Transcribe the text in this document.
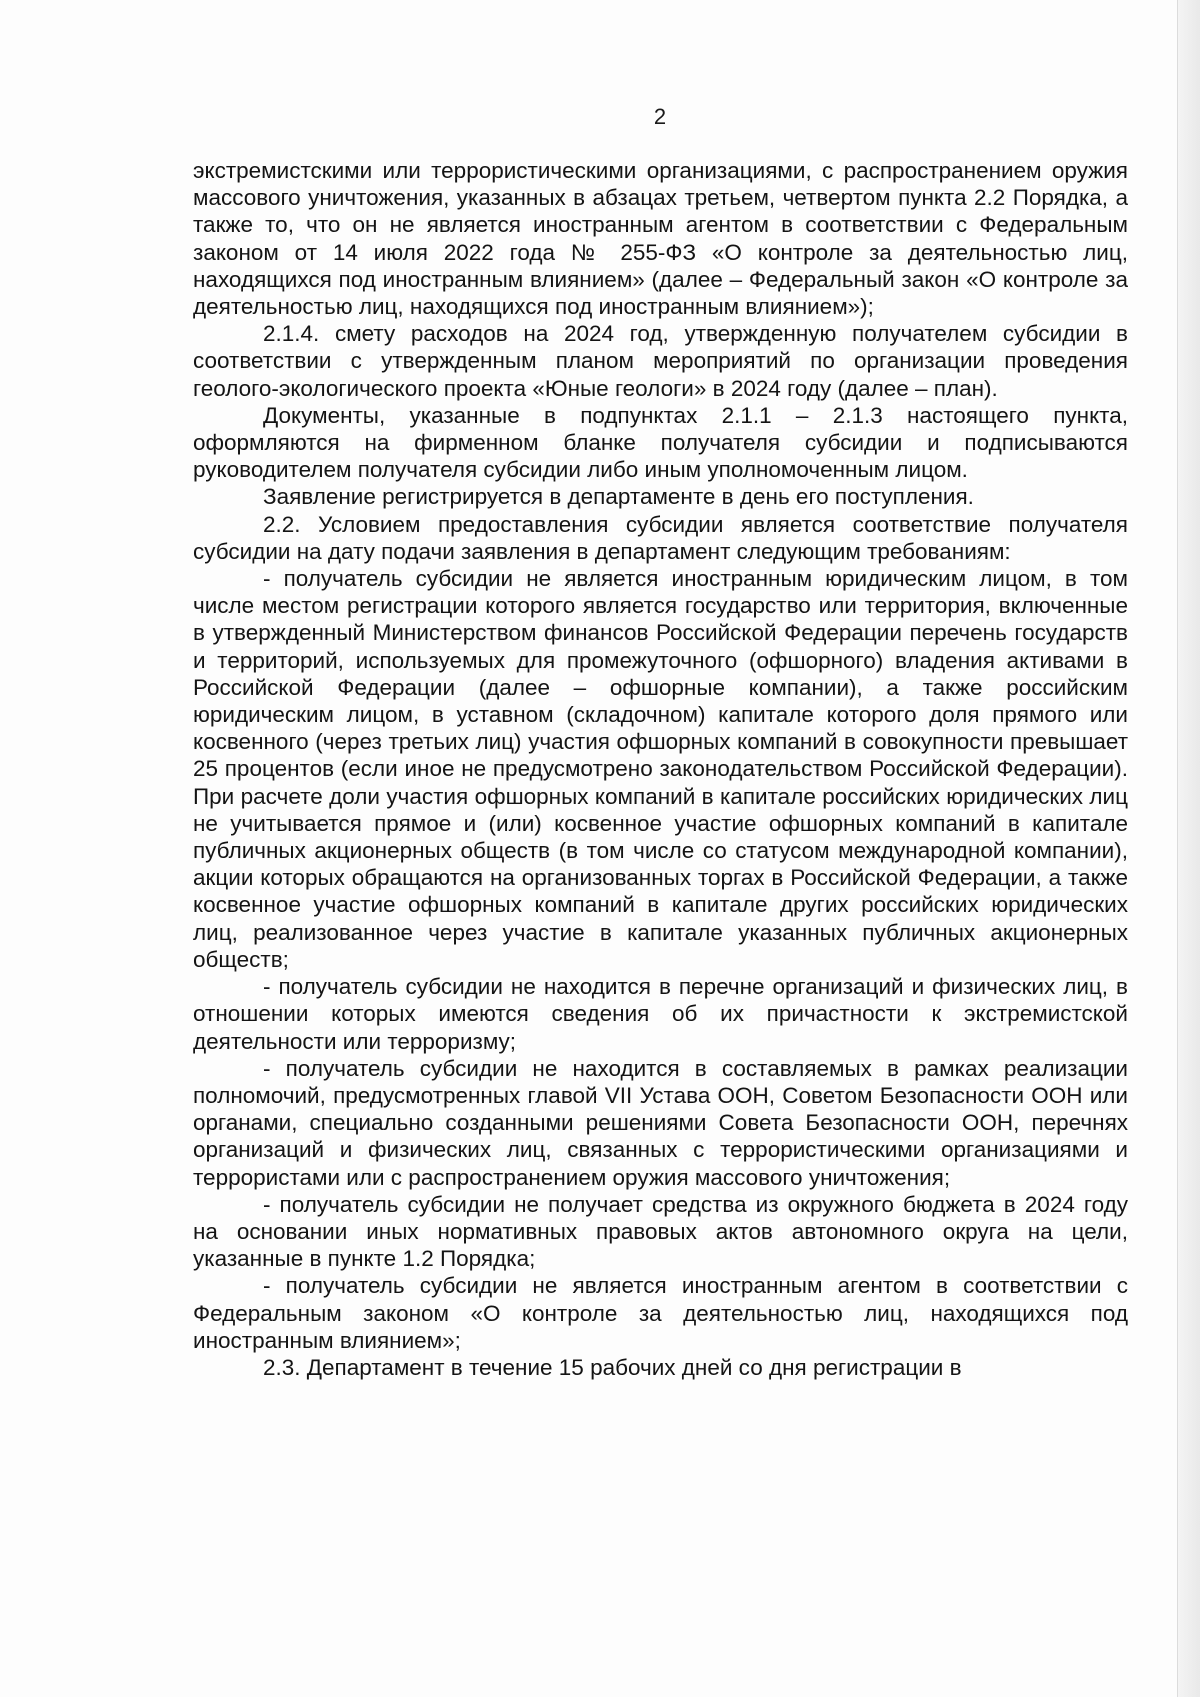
2

экстремистскими или террористическими организациями, с распространением оружия массового уничтожения, указанных в абзацах третьем, четвертом пункта 2.2 Порядка, а также то, что он не является иностранным агентом в соответствии с Федеральным законом от 14 июля 2022 года № 255-ФЗ «О контроле за деятельностью лиц, находящихся под иностранным влиянием» (далее – Федеральный закон «О контроле за деятельностью лиц, находящихся под иностранным влиянием»);

2.1.4. смету расходов на 2024 год, утвержденную получателем субсидии в соответствии с утвержденным планом мероприятий по организации проведения геолого-экологического проекта «Юные геологи» в 2024 году (далее – план).

Документы, указанные в подпунктах 2.1.1 – 2.1.3 настоящего пункта, оформляются на фирменном бланке получателя субсидии и подписываются руководителем получателя субсидии либо иным уполномоченным лицом.

Заявление регистрируется в департаменте в день его поступления.

2.2. Условием предоставления субсидии является соответствие получателя субсидии на дату подачи заявления в департамент следующим требованиям:

- получатель субсидии не является иностранным юридическим лицом, в том числе местом регистрации которого является государство или территория, включенные в утвержденный Министерством финансов Российской Федерации перечень государств и территорий, используемых для промежуточного (офшорного) владения активами в Российской Федерации (далее – офшорные компании), а также российским юридическим лицом, в уставном (складочном) капитале которого доля прямого или косвенного (через третьих лиц) участия офшорных компаний в совокупности превышает 25 процентов (если иное не предусмотрено законодательством Российской Федерации). При расчете доли участия офшорных компаний в капитале российских юридических лиц не учитывается прямое и (или) косвенное участие офшорных компаний в капитале публичных акционерных обществ (в том числе со статусом международной компании), акции которых обращаются на организованных торгах в Российской Федерации, а также косвенное участие офшорных компаний в капитале других российских юридических лиц, реализованное через участие в капитале указанных публичных акционерных обществ;

- получатель субсидии не находится в перечне организаций и физических лиц, в отношении которых имеются сведения об их причастности к экстремистской деятельности или терроризму;

- получатель субсидии не находится в составляемых в рамках реализации полномочий, предусмотренных главой VII Устава ООН, Советом Безопасности ООН или органами, специально созданными решениями Совета Безопасности ООН, перечнях организаций и физических лиц, связанных с террористическими организациями и террористами или с распространением оружия массового уничтожения;

- получатель субсидии не получает средства из окружного бюджета в 2024 году на основании иных нормативных правовых актов автономного округа на цели, указанные в пункте 1.2 Порядка;

- получатель субсидии не является иностранным агентом в соответствии с Федеральным законом «О контроле за деятельностью лиц, находящихся под иностранным влиянием»;

2.3. Департамент в течение 15 рабочих дней со дня регистрации в
